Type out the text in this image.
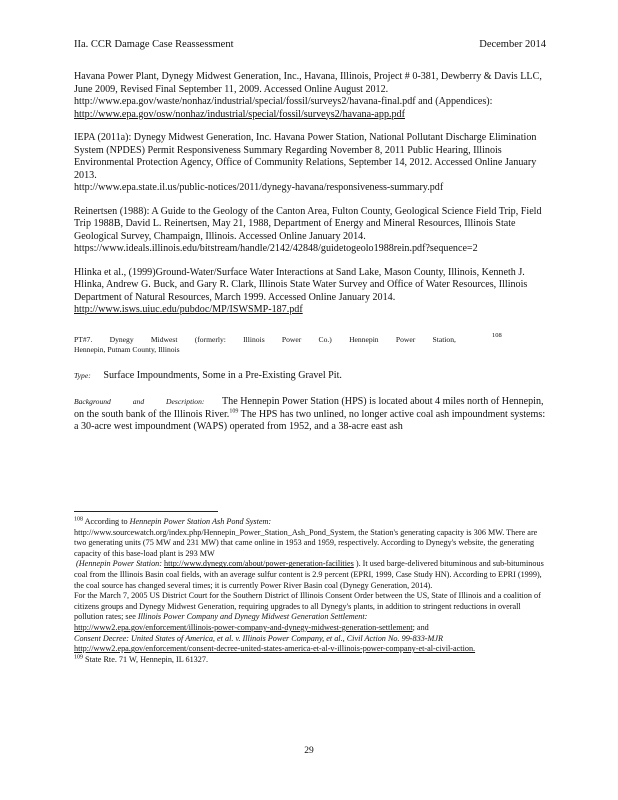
IIa. CCR Damage Case Reassessment	December 2014

Havana Power Plant, Dynegy Midwest Generation, Inc., Havana, Illinois, Project # 0-381, Dewberry & Davis LLC, June 2009, Revised Final September 11, 2009. Accessed Online August 2012.

http://www.epa.gov/waste/nonhaz/industrial/special/fossil/surveys2/havana-final.pdf and (Appendices):

http://www.epa.gov/osw/nonhaz/industrial/special/fossil/surveys2/havana-app.pdf

IEPA (2011a): Dynegy Midwest Generation, Inc. Havana Power Station, National Pollutant Discharge Elimination System (NPDES) Permit Responsiveness Summary Regarding November 8, 2011 Public Hearing, Illinois Environmental Protection Agency, Office of Community Relations, September 14, 2012. Accessed Online January 2013.

http://www.epa.state.il.us/public-notices/2011/dynegy-havana/responsiveness-summary.pdf

Reinertsen (1988): A Guide to the Geology of the Canton Area, Fulton County, Geological Science Field Trip, Field Trip 1988B, David L. Reinertsen, May 21, 1988, Department of Energy and Mineral Resources, Illinois State Geological Survey, Champaign, Illinois. Accessed Online January 2014.

https://www.ideals.illinois.edu/bitstream/handle/2142/42848/guidetogeolo1988rein.pdf?sequence=2

Hlinka et al., (1999)Ground-Water/Surface Water Interactions at Sand Lake, Mason County, Illinois, Kenneth J. Hlinka, Andrew G. Buck, and Gary R. Clark, Illinois State Water Survey and Office of Water Resources, Illinois Department of Natural Resources, March 1999. Accessed Online January 2014.

http://www.isws.uiuc.edu/pubdoc/MP/ISWSMP-187.pdf

PT#7. Dynegy Midwest (formerly: Illinois Power Co.) Hennepin Power Station,	108
Hennepin, Putnam County, Illinois
Type: Surface Impoundments, Some in a Pre-Existing Gravel Pit.
Background and Description: The Hennepin Power Station (HPS) is located about 4 miles north of Hennepin, on the south bank of the Illinois River.$^{109}$ The HPS has two unlined, no longer active coal ash impoundment systems: a 30-acre west impoundment (WAPS) operated from 1952, and a 38-acre east ash

$^{108}$ According to Hennepin Power Station Ash Pond System:

http://www.sourcewatch.org/index.php/Hennepin_Power_Station_Ash_Pond_System, the Station's generating capacity is 306 MW. There are two generating units (75 MW and 231 MW) that came online in 1953 and 1959, respectively. According to Dynegy's website, the generating capacity of this base-load plant is 293 MW

(Hennepin Power Station: http://www.dynegy.com/about/power-generation-facilities ). It used barge-delivered bituminous and sub-bituminous coal from the Illinois Basin coal fields, with an average sulfur content is 2.9 percent (EPRI, 1999, Case Study HN). According to EPRI (1999), the coal source has changed several times; it is currently Power River Basin coal (Dynegy Generation, 2014).

For the March 7, 2005 US District Court for the Southern District of Illinois Consent Order between the US, State of Illinois and a coalition of citizens groups and Dynegy Midwest Generation, requiring upgrades to all Dynegy's plants, in addition to stringent reductions in overall pollution rates; see Illinois Power Company and Dynegy Midwest Generation Settlement:

http://www2.epa.gov/enforcement/illinois-power-company-and-dynegy-midwest-generation-settlement; and

Consent Decree: United States of America, et al. v. Illinois Power Company, et al., Civil Action No. 99-833-MJR

http://www2.epa.gov/enforcement/consent-decree-united-states-america-et-al-v-illinois-power-company-et-al-civil-action.

$^{109}$ State Rte. 71 W, Hennepin, IL 61327.

29
